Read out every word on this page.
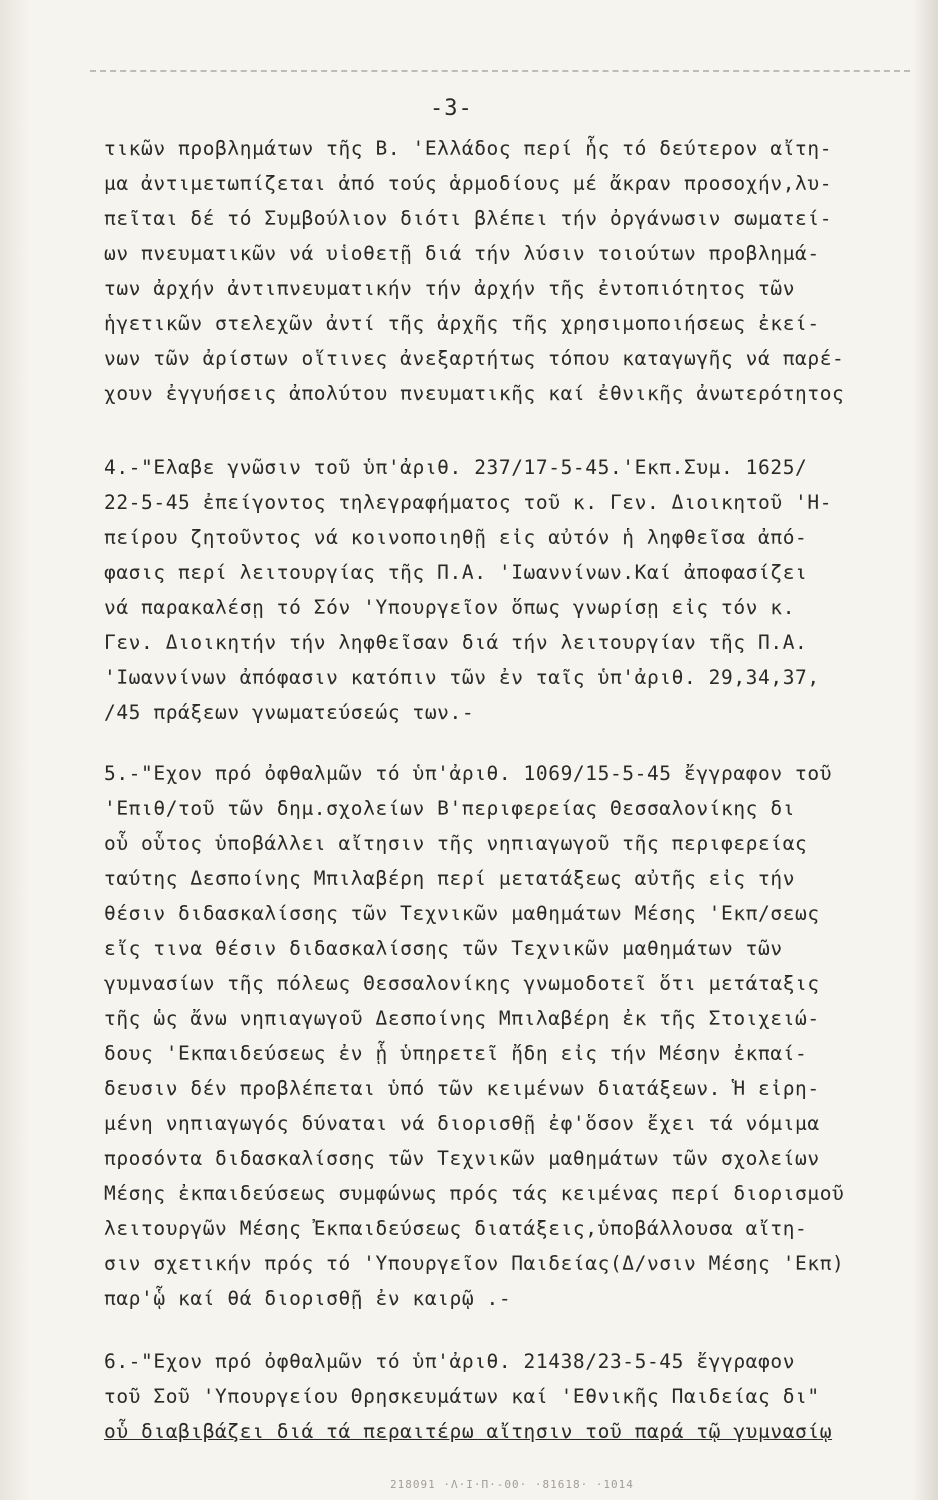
-3-
τικῶν προβλημάτων τῆς Β. 'Ελλάδος περί ἧς τό δεύτερον αἴτη-
μα ἀντιμετωπίζεται ἀπό τούς ἁρμοδίους μέ ἄκραν προσοχήν,λυ-
πεῖται δέ τό Συμβούλιον διότι βλέπει τήν ὀργάνωσιν σωματεί-
ων πνευματικῶν νά υἱοθετῇ διά τήν λύσιν τοιούτων προβλημά-
των ἀρχήν ἀντιπνευματικήν τήν ἀρχήν τῆς ἐντοπιότητος τῶν
ἡγετικῶν στελεχῶν ἀντί τῆς ἀρχῆς τῆς χρησιμοποιήσεως ἐκεί-
νων τῶν ἀρίστων οἵτινες ἀνεξαρτήτως τόπου καταγωγῆς νά παρέ-
χουν ἐγγυήσεις ἀπολύτου πνευματικῆς καί ἐθνικῆς ἀνωτερότητος
4.-"Ελαβε γνῶσιν τοῦ ὑπ'ἀριθ. 237/17-5-45.'Εκπ.Συμ. 1625/
22-5-45 ἐπείγοντος τηλεγραφήματος τοῦ κ. Γεν. Διοικητοῦ 'Η-
πείρου ζητοῦντος νά κοινοποιηθῇ εἰς αὐτόν ἡ ληφθεῖσα ἀπό-
φασις περί λειτουργίας τῆς Π.Α. 'Ιωαννίνων.Καί ἀποφασίζει
νά παρακαλέσῃ τό Σόν 'Υπουργεῖον ὅπως γνωρίσῃ εἰς τόν κ.
Γεν. Διοικητήν τήν ληφθεῖσαν διά τήν λειτουργίαν τῆς Π.Α.
'Ιωαννίνων ἀπόφασιν κατόπιν τῶν ἐν ταῖς ὑπ'ἀριθ. 29,34,37,
/45 πράξεων γνωματεύσεώς των.-
5.-"Εχον πρό ὀφθαλμῶν τό ὑπ'ἀριθ. 1069/15-5-45 ἔγγραφον τοῦ
'Επιθ/τοῦ τῶν δημ.σχολείων Β'περιφερείας Θεσσαλονίκης δι
οὗ οὗτος ὑποβάλλει αἴτησιν τῆς νηπιαγωγοῦ τῆς περιφερείας
ταύτης Δεσποίνης Μπιλαβέρη περί μετατάξεως αὐτῆς εἰς τήν
θέσιν διδασκαλίσσης τῶν Τεχνικῶν μαθημάτων Μέσης 'Εκπ/σεως
εἴς τινα θέσιν διδασκαλίσσης τῶν Τεχνικῶν μαθημάτων τῶν
γυμνασίων τῆς πόλεως Θεσσαλονίκης γνωμοδοτεῖ ὅτι μετάταξις
τῆς ὡς ἄνω νηπιαγωγοῦ Δεσποίνης Μπιλαβέρη ἐκ τῆς Στοιχειώ-
δους 'Εκπαιδεύσεως ἐν ᾗ ὑπηρετεῖ ἤδη εἰς τήν Μέσην ἐκπαί-
δευσιν δέν προβλέπεται ὑπό τῶν κειμένων διατάξεων. Ἡ εἰρη-
μένη νηπιαγωγός δύναται νά διορισθῇ ἐφ'ὅσον ἔχει τά νόμιμα
προσόντα διδασκαλίσσης τῶν Τεχνικῶν μαθημάτων τῶν σχολείων
Μέσης ἐκπαιδεύσεως συμφώνως πρός τάς κειμένας περί διορισμοῦ
λειτουργῶν Μέσης Ἐκπαιδεύσεως διατάξεις,ὑποβάλλουσα αἴτη-
σιν σχετικήν πρός τό 'Υπουργεῖον Παιδείας(Δ/νσιν Μέσης 'Εκπ)
παρ'ᾧ καί θά διορισθῇ ἐν καιρῷ .-
6.-"Εχον πρό ὀφθαλμῶν τό ὑπ'ἀριθ. 21438/23-5-45 ἔγγραφον
τοῦ Σοῦ 'Υπουργείου Θρησκευμάτων καί 'Εθνικῆς Παιδείας δι"
οὗ διαβιβάζει διά τά περαιτέρω αἴτησιν τοῦ παρά τῷ γυμνασίῳ
218091 ·Λ·Ι·Π·-00· ·81618· ·1014
